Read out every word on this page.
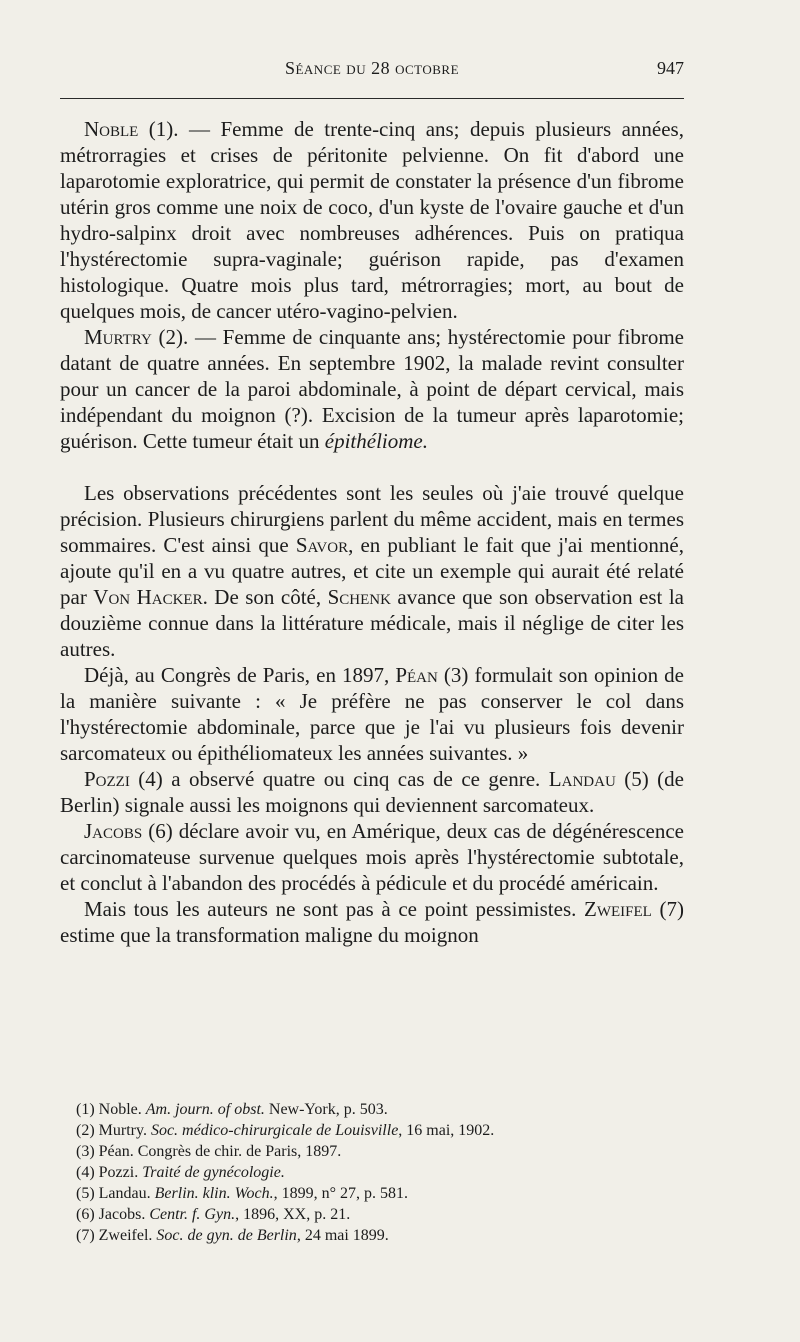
Séance du 28 octobre	947

Noble (1). — Femme de trente-cinq ans; depuis plusieurs années, métrorragies et crises de péritonite pelvienne. On fit d'abord une laparotomie exploratrice, qui permit de constater la présence d'un fibrome utérin gros comme une noix de coco, d'un kyste de l'ovaire gauche et d'un hydro-salpinx droit avec nombreuses adhérences. Puis on pratiqua l'hystérectomie supra-vaginale; guérison rapide, pas d'examen histologique. Quatre mois plus tard, métrorragies; mort, au bout de quelques mois, de cancer utéro-vagino-pelvien.

Murtry (2). — Femme de cinquante ans; hystérectomie pour fibrome datant de quatre années. En septembre 1902, la malade revint consulter pour un cancer de la paroi abdominale, à point de départ cervical, mais indépendant du moignon (?). Excision de la tumeur après laparotomie; guérison. Cette tumeur était un épithéliome.

Les observations précédentes sont les seules où j'aie trouvé quelque précision. Plusieurs chirurgiens parlent du même accident, mais en termes sommaires. C'est ainsi que Savor, en publiant le fait que j'ai mentionné, ajoute qu'il en a vu quatre autres, et cite un exemple qui aurait été relaté par Von Hacker. De son côté, Schenk avance que son observation est la douzième connue dans la littérature médicale, mais il néglige de citer les autres.

Déjà, au Congrès de Paris, en 1897, Péan (3) formulait son opinion de la manière suivante : « Je préfère ne pas conserver le col dans l'hystérectomie abdominale, parce que je l'ai vu plusieurs fois devenir sarcomateux ou épithéliomateux les années suivantes. »

Pozzi (4) a observé quatre ou cinq cas de ce genre. Landau (5) (de Berlin) signale aussi les moignons qui deviennent sarcomateux.

Jacobs (6) déclare avoir vu, en Amérique, deux cas de dégénérescence carcinomateuse survenue quelques mois après l'hystérectomie subtotale, et conclut à l'abandon des procédés à pédicule et du procédé américain.

Mais tous les auteurs ne sont pas à ce point pessimistes. Zweifel (7) estime que la transformation maligne du moignon

(1) Noble. Am. journ. of obst. New-York, p. 503.
(2) Murtry. Soc. médico-chirurgicale de Louisville, 16 mai, 1902.
(3) Péan. Congrès de chir. de Paris, 1897.
(4) Pozzi. Traité de gynécologie.
(5) Landau. Berlin. klin. Woch., 1899, n° 27, p. 581.
(6) Jacobs. Centr. f. Gyn., 1896, XX, p. 21.
(7) Zweifel. Soc. de gyn. de Berlin, 24 mai 1899.
